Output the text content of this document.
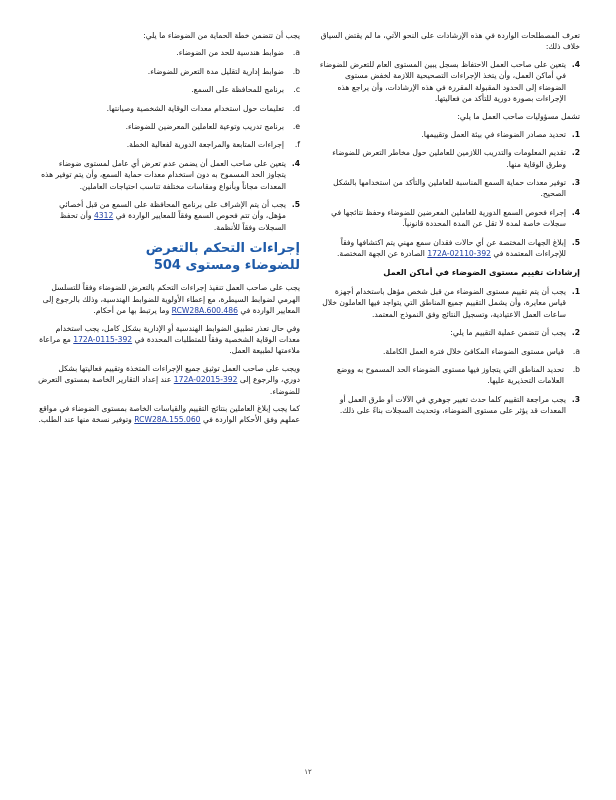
تعرف المصطلحات الواردة في هذه الإرشادات على النحو الآتي، ما لم يقتض السياق خلاف ذلك:

4.
يتعين على صاحب العمل الاحتفاظ بسجل يبين المستوى العام للتعرض للضوضاء في أماكن العمل، وأن يتخذ الإجراءات التصحيحية اللازمة لخفض مستوى الضوضاء إلى الحدود المقبولة المقررة في هذه الإرشادات، وأن يراجع هذه الإجراءات بصورة دورية للتأكد من فعاليتها.

تشمل مسؤوليات صاحب العمل ما يلي:

1.
تحديد مصادر الضوضاء في بيئة العمل وتقييمها.
2.
تقديم المعلومات والتدريب اللازمين للعاملين حول مخاطر التعرض للضوضاء وطرق الوقاية منها.
3.
توفير معدات حماية السمع المناسبة للعاملين والتأكد من استخدامها بالشكل الصحيح.
4.
إجراء فحوص السمع الدورية للعاملين المعرضين للضوضاء وحفظ نتائجها في سجلات خاصة لمدة لا تقل عن المدة المحددة قانونياً.
5.
إبلاغ الجهات المختصة عن أي حالات فقدان سمع مهني يتم اكتشافها وفقاً للإجراءات المعتمدة في 392-172A-02110 الصادرة عن الجهة المختصة.
إرشادات تقييم مستوى الضوضاء في أماكن العمل
1.
يجب أن يتم تقييم مستوى الضوضاء من قبل شخص مؤهل باستخدام أجهزة قياس معايرة، وأن يشمل التقييم جميع المناطق التي يتواجد فيها العاملون خلال ساعات العمل الاعتيادية، وتسجيل النتائج وفق النموذج المعتمد.
2.
يجب أن تتضمن عملية التقييم ما يلي:
a.
قياس مستوى الضوضاء المكافئ خلال فترة العمل الكاملة.
b.
تحديد المناطق التي يتجاوز فيها مستوى الضوضاء الحد المسموح به ووضع العلامات التحذيرية عليها.
3.
يجب مراجعة التقييم كلما حدث تغيير جوهري في الآلات أو طرق العمل أو المعدات قد يؤثر على مستوى الضوضاء، وتحديث السجلات بناءً على ذلك.

يجب أن تتضمن خطة الحماية من الضوضاء ما يلي:

a.
ضوابط هندسية للحد من الضوضاء.
b.
ضوابط إدارية لتقليل مدة التعرض للضوضاء.
c.
برنامج للمحافظة على السمع.
d.
تعليمات حول استخدام معدات الوقاية الشخصية وصيانتها.
e.
برنامج تدريب وتوعية للعاملين المعرضين للضوضاء.
f.
إجراءات المتابعة والمراجعة الدورية لفعالية الخطة.
4.
يتعين على صاحب العمل أن يضمن عدم تعرض أي عامل لمستوى ضوضاء يتجاوز الحد المسموح به دون استخدام معدات حماية السمع، وأن يتم توفير هذه المعدات مجاناً وبأنواع ومقاسات مختلفة تناسب احتياجات العاملين.
5.
يجب أن يتم الإشراف على برنامج المحافظة على السمع من قبل أخصائي مؤهل، وأن تتم فحوص السمع وفقاً للمعايير الواردة في 4312 وأن تحفظ السجلات وفقاً للأنظمة.
إجراءات التحكم بالتعرض
للضوضاء ومستوى 504

يجب على صاحب العمل تنفيذ إجراءات التحكم بالتعرض للضوضاء وفقاً للتسلسل الهرمي لضوابط السيطرة، مع إعطاء الأولوية للضوابط الهندسية، وذلك بالرجوع إلى المعايير الواردة في RCW28A.600.486 وما يرتبط بها من أحكام.

وفي حال تعذر تطبيق الضوابط الهندسية أو الإدارية بشكل كامل، يجب استخدام معدات الوقاية الشخصية وفقاً للمتطلبات المحددة في 392-172A-0115 مع مراعاة ملاءمتها لطبيعة العمل.

ويجب على صاحب العمل توثيق جميع الإجراءات المتخذة وتقييم فعاليتها بشكل دوري، والرجوع إلى 392-172A-02015 عند إعداد التقارير الخاصة بمستوى التعرض للضوضاء.

كما يجب إبلاغ العاملين بنتائج التقييم والقياسات الخاصة بمستوى الضوضاء في مواقع عملهم وفق الأحكام الواردة في RCW28A.155.060 وتوفير نسخة منها عند الطلب.

١٢
